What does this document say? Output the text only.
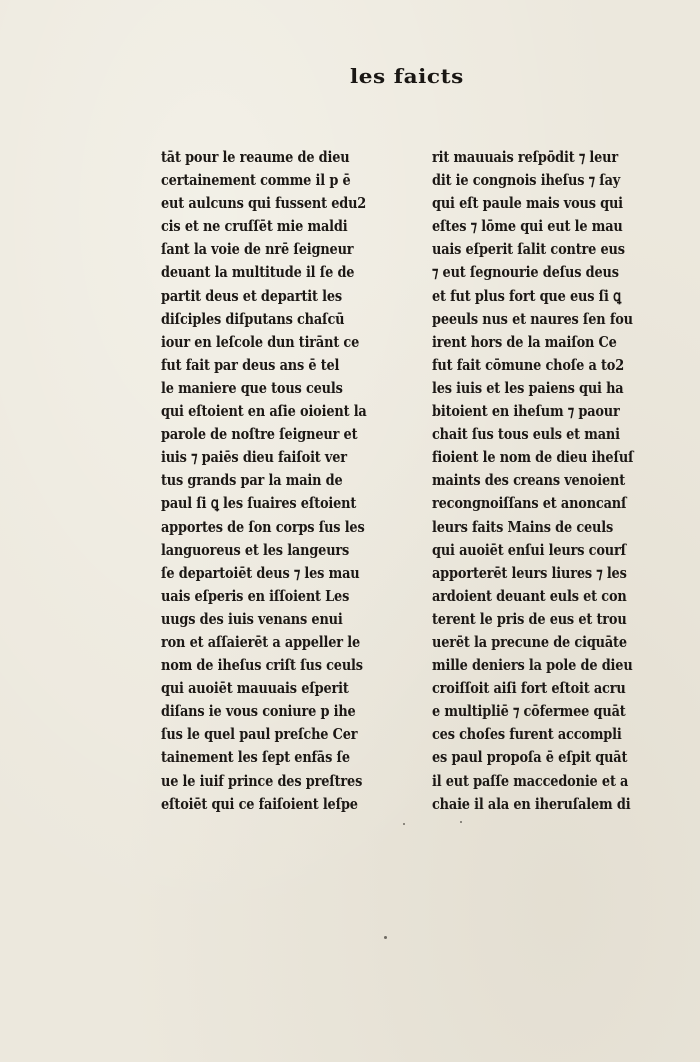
les faicts
tāt pour le reaume de dieu
certainement comme il p ē
eut aulcuns qui fussent edu2
cis et ne cruſſēt mie maldi
ſant la voie de nrē ſeigneur
deuant la multitude il ſe de
partit deus et departit les
diſciples diſputans chaſcū
iour en leſcole dun tirānt ce
fut fait par deus ans ē tel
le maniere que tous ceuls
qui eſtoient en aſie oioient la
parole de noſtre ſeigneur et
iuis ⁊ paiēs dieu faiſoit ver
tus grands par la main de
paul ſi ꝗ les ſuaires eſtoient
apportes de ſon corps ſus les
languoreus et les langeurs
ſe departoiēt deus ⁊ les mau
uais eſperis en iſſoient Les
uugs des iuis venans enui
ron et aſſaierēt a appeller le
nom de iheſus criſt ſus ceuls
qui auoiēt mauuais eſperit
diſans ie vous coniure p ihe
ſus le quel paul preſche Cer
tainement les ſept enfās ſe
ue le iuif prince des preſtres
eſtoiēt qui ce faiſoient leſpe
rit mauuais reſpōdit ⁊ leur
dit ie congnois iheſus ⁊ ſay
qui eſt paule mais vous qui
eſtes ⁊ lōme qui eut le mau
uais eſperit ſalit contre eus
⁊ eut ſegnourie deſus deus
et fut plus fort que eus ſi ꝗ
peeuls nus et naures ſen fou
irent hors de la maiſon Ce
fut fait cōmune choſe a to2
les iuis et les paiens qui ha
bitoient en iheſum ⁊ paour
chait ſus tous euls et mani
fioient le nom de dieu iheſuſ
maints des creans venoient
recongnoiſſans et anoncanſ
leurs faits Mains de ceuls
qui auoiēt enſui leurs courſ
apporterēt leurs liures ⁊ les
ardoient deuant euls et con
terent le pris de eus et trou
uerēt la precune de ciquāte
mille deniers la pole de dieu
croiſſoit aiſi fort eſtoit acru
e multipliē ⁊ cōfermee quāt
ces choſes furent accompli
es paul propoſa ē eſpit quāt
il eut paſſe maccedonie et a
chaie il ala en iheruſalem di
